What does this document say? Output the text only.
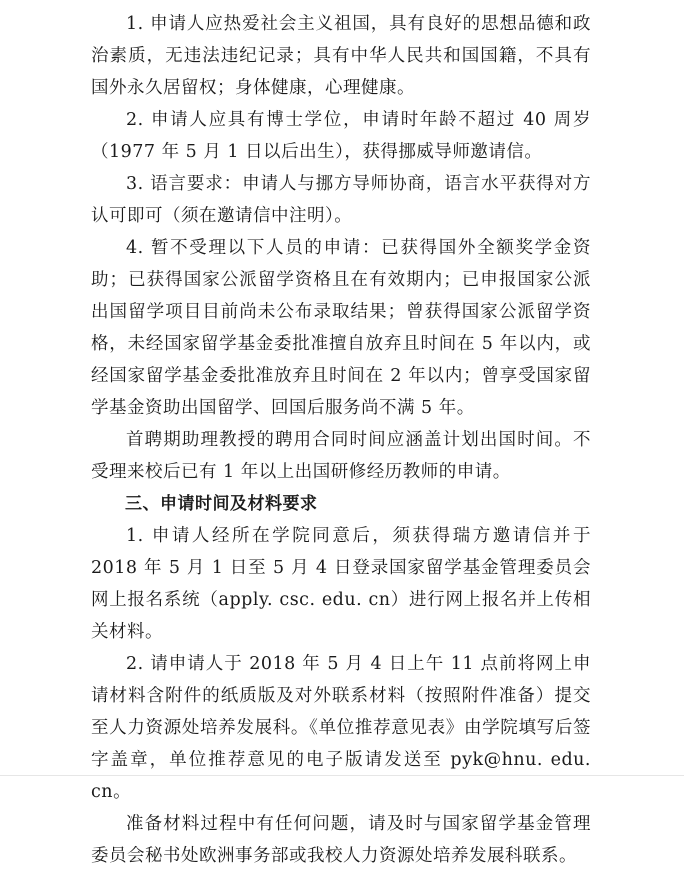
1. 申请人应热爱社会主义祖国，具有良好的思想品德和政治素质，无违法违纪记录；具有中华人民共和国国籍，不具有国外永久居留权；身体健康，心理健康。

2. 申请人应具有博士学位，申请时年龄不超过 40 周岁（1977 年 5 月 1 日以后出生），获得挪威导师邀请信。

3. 语言要求：申请人与挪方导师协商，语言水平获得对方认可即可（须在邀请信中注明）。

4. 暂不受理以下人员的申请：已获得国外全额奖学金资助；已获得国家公派留学资格且在有效期内；已申报国家公派出国留学项目目前尚未公布录取结果；曾获得国家公派留学资格，未经国家留学基金委批准擅自放弃且时间在 5 年以内，或经国家留学基金委批准放弃且时间在 2 年以内；曾享受国家留学基金资助出国留学、回国后服务尚不满 5 年。

首聘期助理教授的聘用合同时间应涵盖计划出国时间。不受理来校后已有 1 年以上出国研修经历教师的申请。

三、申请时间及材料要求

1. 申请人经所在学院同意后，须获得瑞方邀请信并于 2018 年 5 月 1 日至 5 月 4 日登录国家留学基金管理委员会网上报名系统（apply. csc. edu. cn）进行网上报名并上传相关材料。

2. 请申请人于 2018 年 5 月 4 日上午 11 点前将网上申请材料含附件的纸质版及对外联系材料（按照附件准备）提交至人力资源处培养发展科。《单位推荐意见表》由学院填写后签字盖章，单位推荐意见的电子版请发送至 pyk@hnu. edu. cn。

准备材料过程中有任何问题，请及时与国家留学基金管理委员会秘书处欧洲事务部或我校人力资源处培养发展科联系。
